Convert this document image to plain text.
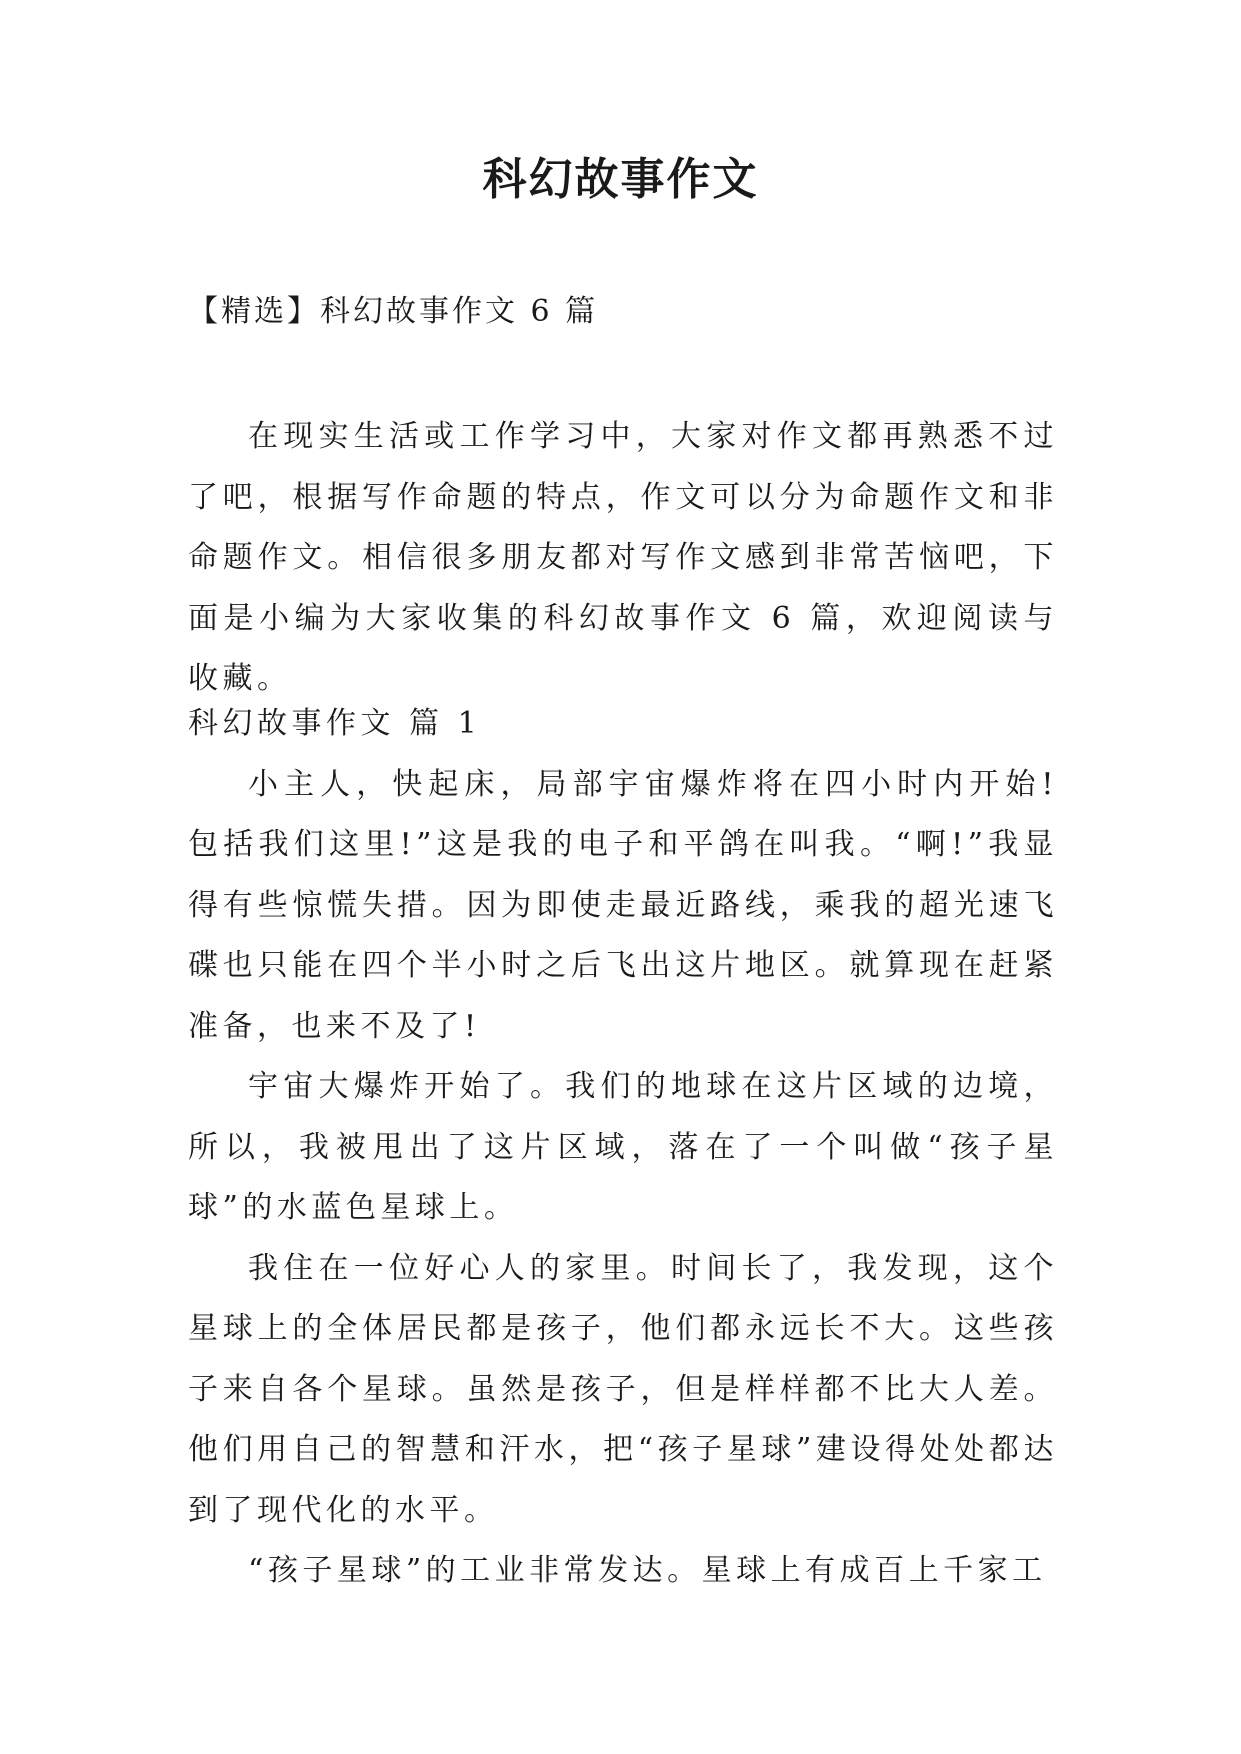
科幻故事作文
【精选】科幻故事作文 6 篇

在现实生活或工作学习中，大家对作文都再熟悉不过了吧，根据写作命题的特点，作文可以分为命题作文和非命题作文。相信很多朋友都对写作文感到非常苦恼吧，下面是小编为大家收集的科幻故事作文 6 篇，欢迎阅读与收藏。

科幻故事作文 篇 1

小主人，快起床，局部宇宙爆炸将在四小时内开始!包括我们这里!”这是我的电子和平鸽在叫我。“啊!”我显得有些惊慌失措。因为即使走最近路线，乘我的超光速飞碟也只能在四个半小时之后飞出这片地区。就算现在赶紧准备，也来不及了!

宇宙大爆炸开始了。我们的地球在这片区域的边境，所以，我被甩出了这片区域，落在了一个叫做“孩子星球”的水蓝色星球上。

我住在一位好心人的家里。时间长了，我发现，这个星球上的全体居民都是孩子，他们都永远长不大。这些孩子来自各个星球。虽然是孩子，但是样样都不比大人差。他们用自己的智慧和汗水，把“孩子星球”建设得处处都达到了现代化的水平。

“孩子星球”的工业非常发达。星球上有成百上千家工
